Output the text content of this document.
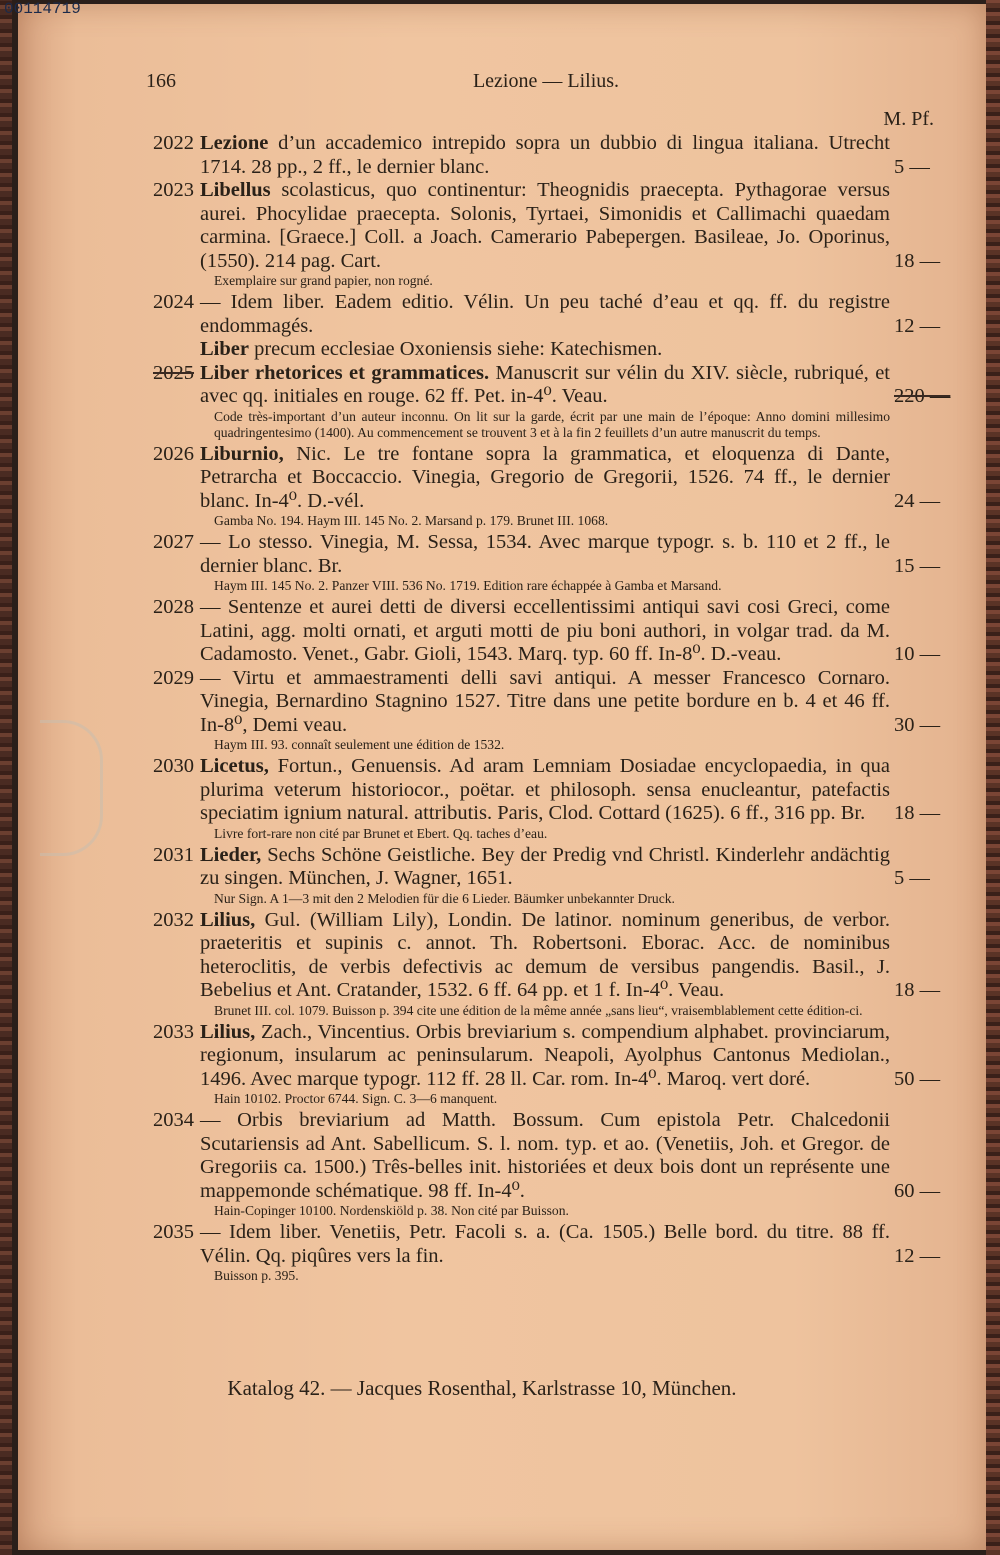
166	Lezione — Lilius.
M. Pf.
2022 Lezione d’un accademico intrepido sopra un dubbio di lingua italiana. Utrecht 1714. 28 pp., 2 ff., le dernier blanc.	5 —
2023 Libellus scolasticus, quo continentur: Theognidis praecepta. Pythagorae versus aurei. Phocylidae praecepta. Solonis, Tyrtaei, Simonidis et Callimachi quaedam carmina. [Graece.] Coll. a Joach. Camerario Pabepergen. Basileae, Jo. Oporinus, (1550). 214 pag. Cart.	18 —
Exemplaire sur grand papier, non rogné.
2024 — Idem liber. Eadem editio. Vélin. Un peu taché d’eau et qq. ff. du registre endommagés.	12 —
Liber precum ecclesiae Oxoniensis siehe: Katechismen.
2025 Liber rhetorices et grammatices. Manuscrit sur vélin du XIV. siècle, rubriqué, et avec qq. initiales en rouge. 62 ff. Pet. in-4⁰. Veau.	220 —
Code très-important d’un auteur inconnu. On lit sur la garde, écrit par une main de l’époque: Anno domini millesimo quadringentesimo (1400). Au commencement se trouvent 3 et à la fin 2 feuillets d’un autre manuscrit du temps.
2026 Liburnio, Nic. Le tre fontane sopra la grammatica, et eloquenza di Dante, Petrarcha et Boccaccio. Vinegia, Gregorio de Gregorii, 1526. 74 ff., le dernier blanc. In-4⁰. D.-vél.	24 —
Gamba No. 194. Haym III. 145 No. 2. Marsand p. 179. Brunet III. 1068.
2027 — Lo stesso. Vinegia, M. Sessa, 1534. Avec marque typogr. s. b. 110 et 2 ff., le dernier blanc. Br.	15 —
Haym III. 145 No. 2. Panzer VIII. 536 No. 1719. Edition rare échappée à Gamba et Marsand.
2028 — Sentenze et aurei detti de diversi eccellentissimi antiqui savi cosi Greci, come Latini, agg. molti ornati, et arguti motti de piu boni authori, in volgar trad. da M. Cadamosto. Venet., Gabr. Gioli, 1543. Marq. typ. 60 ff. In-8⁰. D.-veau.	10 —
2029 — Virtu et ammaestramenti delli savi antiqui. A messer Francesco Cornaro. Vinegia, Bernardino Stagnino 1527. Titre dans une petite bordure en b. 4 et 46 ff. In-8⁰, Demi veau.	30 —
Haym III. 93. connaît seulement une édition de 1532.
2030 Licetus, Fortun., Genuensis. Ad aram Lemniam Dosiadae encyclopaedia, in qua plurima veterum historiocor., poëtar. et philosoph. sensa enucleantur, patefactis speciatim ignium natural. attributis. Paris, Clod. Cottard (1625). 6 ff., 316 pp. Br. 18 —
Livre fort-rare non cité par Brunet et Ebert. Qq. taches d’eau.
2031 Lieder, Sechs Schöne Geistliche. Bey der Predig vnd Christl. Kinderlehr andächtig zu singen. München, J. Wagner, 1651.	5 —
Nur Sign. A 1—3 mit den 2 Melodien für die 6 Lieder. Bäumker unbekannter Druck.
2032 Lilius, Gul. (William Lily), Londin. De latinor. nominum generibus, de verbor. praeteritis et supinis c. annot. Th. Robertsoni. Eborac. Acc. de nominibus heteroclitis, de verbis defectivis ac demum de versibus pangendis. Basil., J. Bebelius et Ant. Cratander, 1532. 6 ff. 64 pp. et 1 f. In-4⁰. Veau.	18 —
Brunet III. col. 1079. Buisson p. 394 cite une édition de la même année „sans lieu“, vraisemblablement cette édition-ci.
2033 Lilius, Zach., Vincentius. Orbis breviarium s. compendium alphabet. provinciarum, regionum, insularum ac peninsularum. Neapoli, Ayolphus Cantonus Mediolan., 1496. Avec marque typogr. 112 ff. 28 ll. Car. rom. In-4⁰. Maroq. vert doré.	50 —
Hain 10102. Proctor 6744. Sign. C. 3—6 manquent.
2034 — Orbis breviarium ad Matth. Bossum. Cum epistola Petr. Chalcedonii Scutariensis ad Ant. Sabellicum. S. l. nom. typ. et ao. (Venetiis, Joh. et Gregor. de Gregoriis ca. 1500.) Três-belles init. historiées et deux bois dont un représente une mappemonde schématique. 98 ff. In-4⁰.	60 —
Hain-Copinger 10100. Nordenskiöld p. 38. Non cité par Buisson.
2035 — Idem liber. Venetiis, Petr. Facoli s. a. (Ca. 1505.) Belle bord. du titre. 88 ff. Vélin. Qq. piqûres vers la fin.	12 —
Buisson p. 395.
Katalog 42. — Jacques Rosenthal, Karlstrasse 10, München.
00114719
